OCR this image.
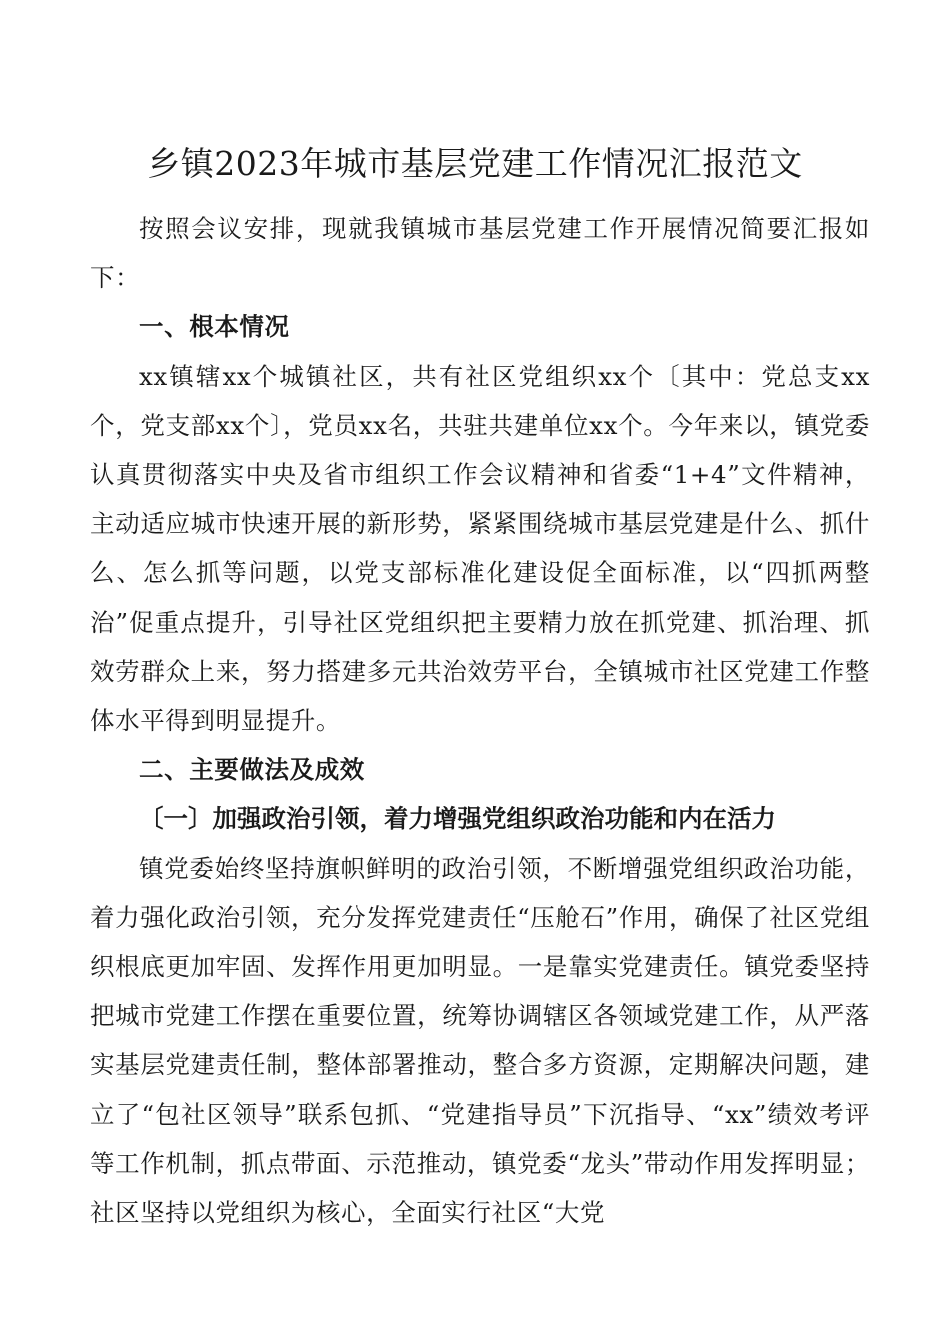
乡镇2023年城市基层党建工作情况汇报范文

按照会议安排，现就我镇城市基层党建工作开展情况简要汇报如下：

一、根本情况

xx镇辖xx个城镇社区，共有社区党组织xx个〔其中：党总支xx个，党支部xx个〕，党员xx名，共驻共建单位xx个。今年来以，镇党委认真贯彻落实中央及省市组织工作会议精神和省委“1+4”文件精神，主动适应城市快速开展的新形势，紧紧围绕城市基层党建是什么、抓什么、怎么抓等问题，以党支部标准化建设促全面标准，以“四抓两整治”促重点提升，引导社区党组织把主要精力放在抓党建、抓治理、抓效劳群众上来，努力搭建多元共治效劳平台，全镇城市社区党建工作整体水平得到明显提升。

二、主要做法及成效

〔一〕加强政治引领，着力增强党组织政治功能和内在活力

镇党委始终坚持旗帜鲜明的政治引领，不断增强党组织政治功能，着力强化政治引领，充分发挥党建责任“压舱石”作用，确保了社区党组织根底更加牢固、发挥作用更加明显。一是靠实党建责任。镇党委坚持把城市党建工作摆在重要位置，统筹协调辖区各领域党建工作，从严落实基层党建责任制，整体部署推动，整合多方资源，定期解决问题，建立了“包社区领导”联系包抓、“党建指导员”下沉指导、“xx”绩效考评等工作机制，抓点带面、示范推动，镇党委“龙头”带动作用发挥明显；社区坚持以党组织为核心，全面实行社区“大党
